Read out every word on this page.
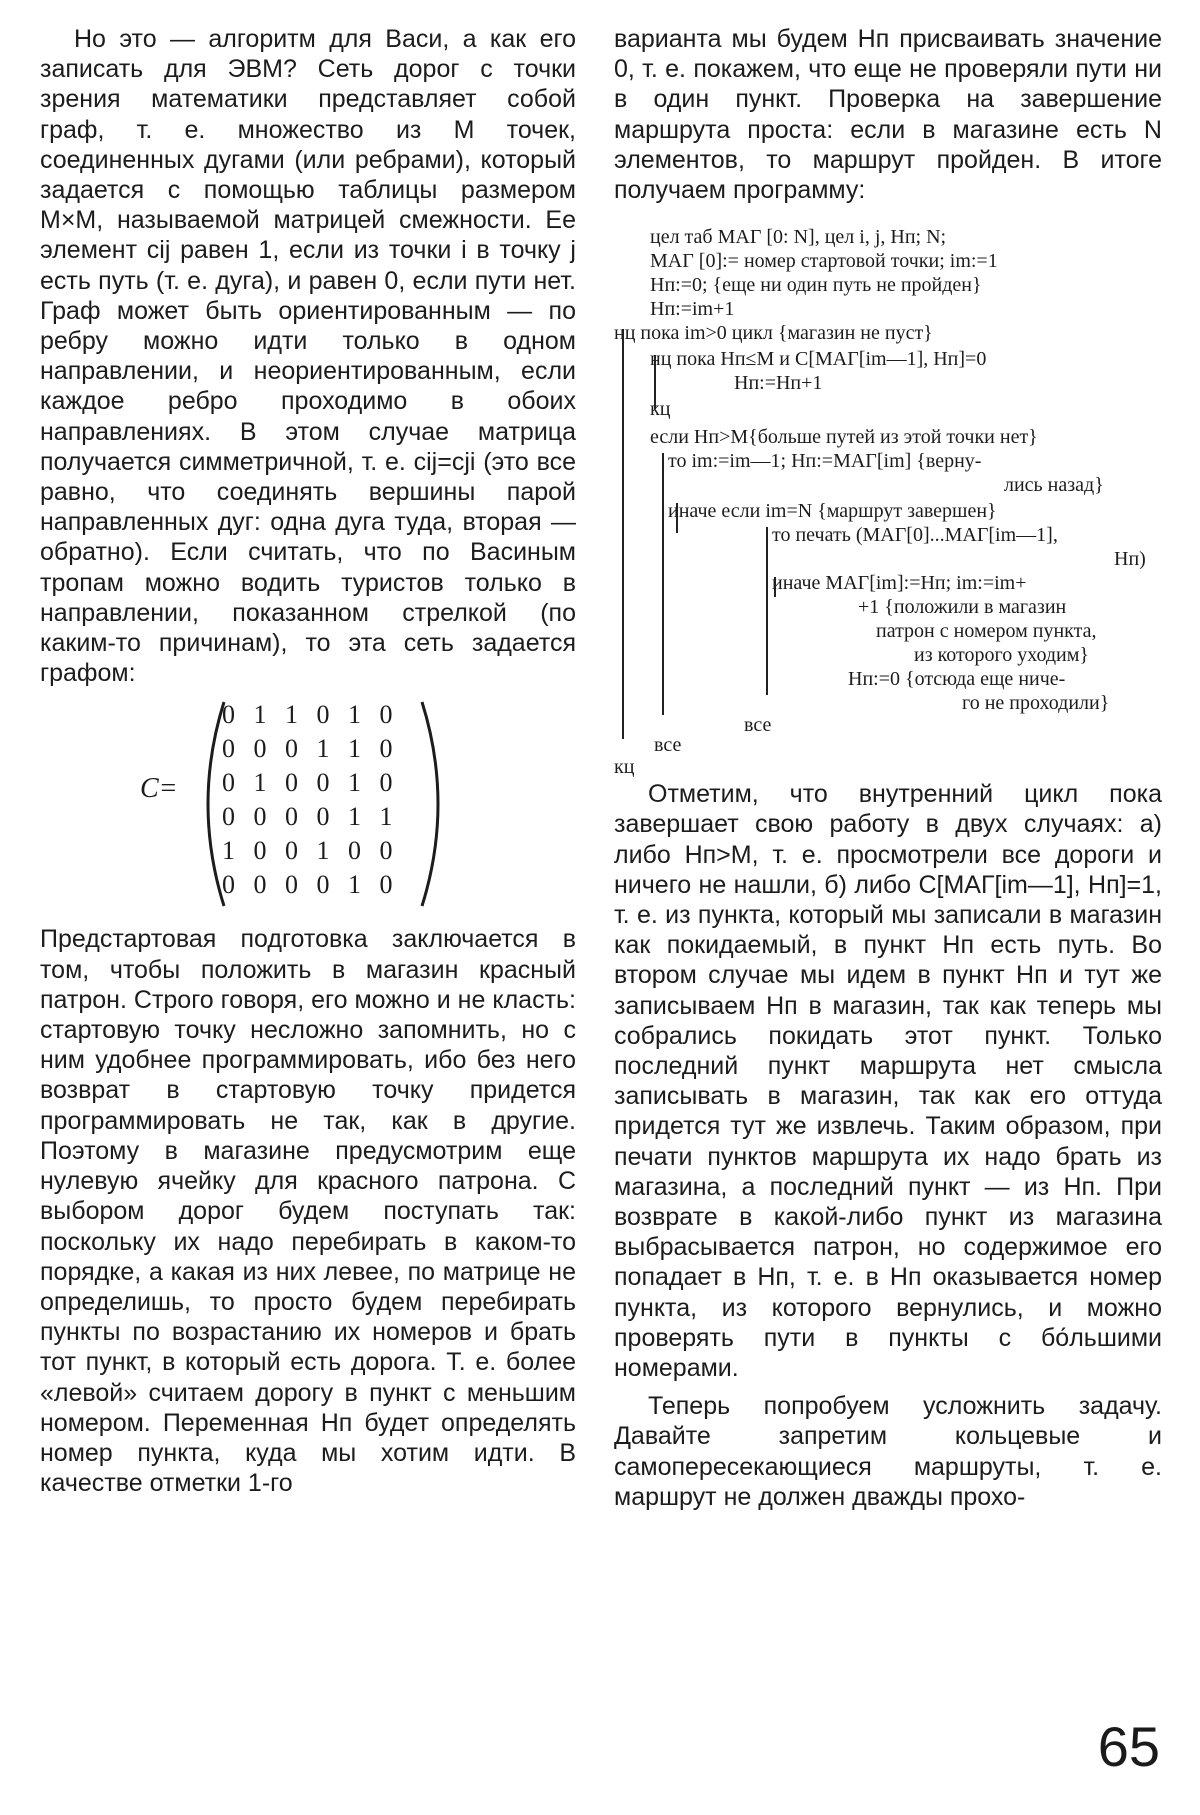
Но это — алгоритм для Васи, а как его записать для ЭВМ? Сеть дорог с точки зрения математики представляет собой граф, т. е. множество из M точек, соединенных дугами (или ребрами), который задается с помощью таблицы размером M×M, называемой матрицей смежности. Ее элемент cij равен 1, если из точки i в точку j есть путь (т. е. дуга), и равен 0, если пути нет. Граф может быть ориентированным — по ребру можно идти только в одном направлении, и неориентированным, если каждое ребро проходимо в обоих направлениях. В этом случае матрица получается симметричной, т. е. cij=cji (это все равно, что соединять вершины парой направленных дуг: одна дуга туда, вторая — обратно). Если считать, что по Васиным тропам можно водить туристов только в направлении, показанном стрелкой (по каким-то причинам), то эта сеть задается графом:

C=
0 1 1 0 1 0
0 0 0 1 1 0
0 1 0 0 1 0
0 0 0 0 1 1
1 0 0 1 0 0
0 0 0 0 1 0

Предстартовая подготовка заключается в том, чтобы положить в магазин красный патрон. Строго говоря, его можно и не класть: стартовую точку несложно запомнить, но с ним удобнее программировать, ибо без него возврат в стартовую точку придется программировать не так, как в другие. Поэтому в магазине предусмотрим еще нулевую ячейку для красного патрона. С выбором дорог будем поступать так: поскольку их надо перебирать в каком-то порядке, а какая из них левее, по матрице не определишь, то просто будем перебирать пункты по возрастанию их номеров и брать тот пункт, в который есть дорога. Т. е. более «левой» считаем дорогу в пункт с меньшим номером. Переменная Нп будет определять номер пункта, куда мы хотим идти. В качестве отметки 1-го

варианта мы будем Нп присваивать значение 0, т. е. покажем, что еще не проверяли пути ни в один пункт. Проверка на завершение маршрута проста: если в магазине есть N элементов, то маршрут пройден. В итоге получаем программу:

цел таб МАГ [0: N], цел i, j, Нп; N;
МАГ [0]:= номер стартовой точки; im:=1
Нп:=0; {еще ни один путь не пройден}
Нп:=im+1
нц пока im>0 цикл {магазин не пуст}
нц пока Нп≤M и C[МАГ[im—1], Нп]=0
Нп:=Нп+1
кц
если Нп>M{больше путей из этой точки нет}
то im:=im—1; Нп:=МАГ[im] {верну-
лись назад}
иначе если im=N {маршрут завершен}
то печать (МАГ[0]...МАГ[im—1],
Нп)
иначе МАГ[im]:=Нп; im:=im+
+1 {положили в магазин
патрон с номером пункта,
из которого уходим}
Нп:=0 {отсюда еще ниче-
го не проходили}
все
все
кц

Отметим, что внутренний цикл пока завершает свою работу в двух случаях: а) либо Нп>M, т. е. просмотрели все дороги и ничего не нашли, б) либо C[МАГ[im—1], Нп]=1, т. е. из пункта, который мы записали в магазин как покидаемый, в пункт Нп есть путь. Во втором случае мы идем в пункт Нп и тут же записываем Нп в магазин, так как теперь мы собрались покидать этот пункт. Только последний пункт маршрута нет смысла записывать в магазин, так как его оттуда придется тут же извлечь. Таким образом, при печати пунктов маршрута их надо брать из магазина, а последний пункт — из Нп. При возврате в какой-либо пункт из магазина выбрасывается патрон, но содержимое его попадает в Нп, т. е. в Нп оказывается номер пункта, из которого вернулись, и можно проверять пути в пункты с бо́льшими номерами.

Теперь попробуем усложнить задачу. Давайте запретим кольцевые и самопересекающиеся маршруты, т. е. маршрут не должен дважды прохо-

65
